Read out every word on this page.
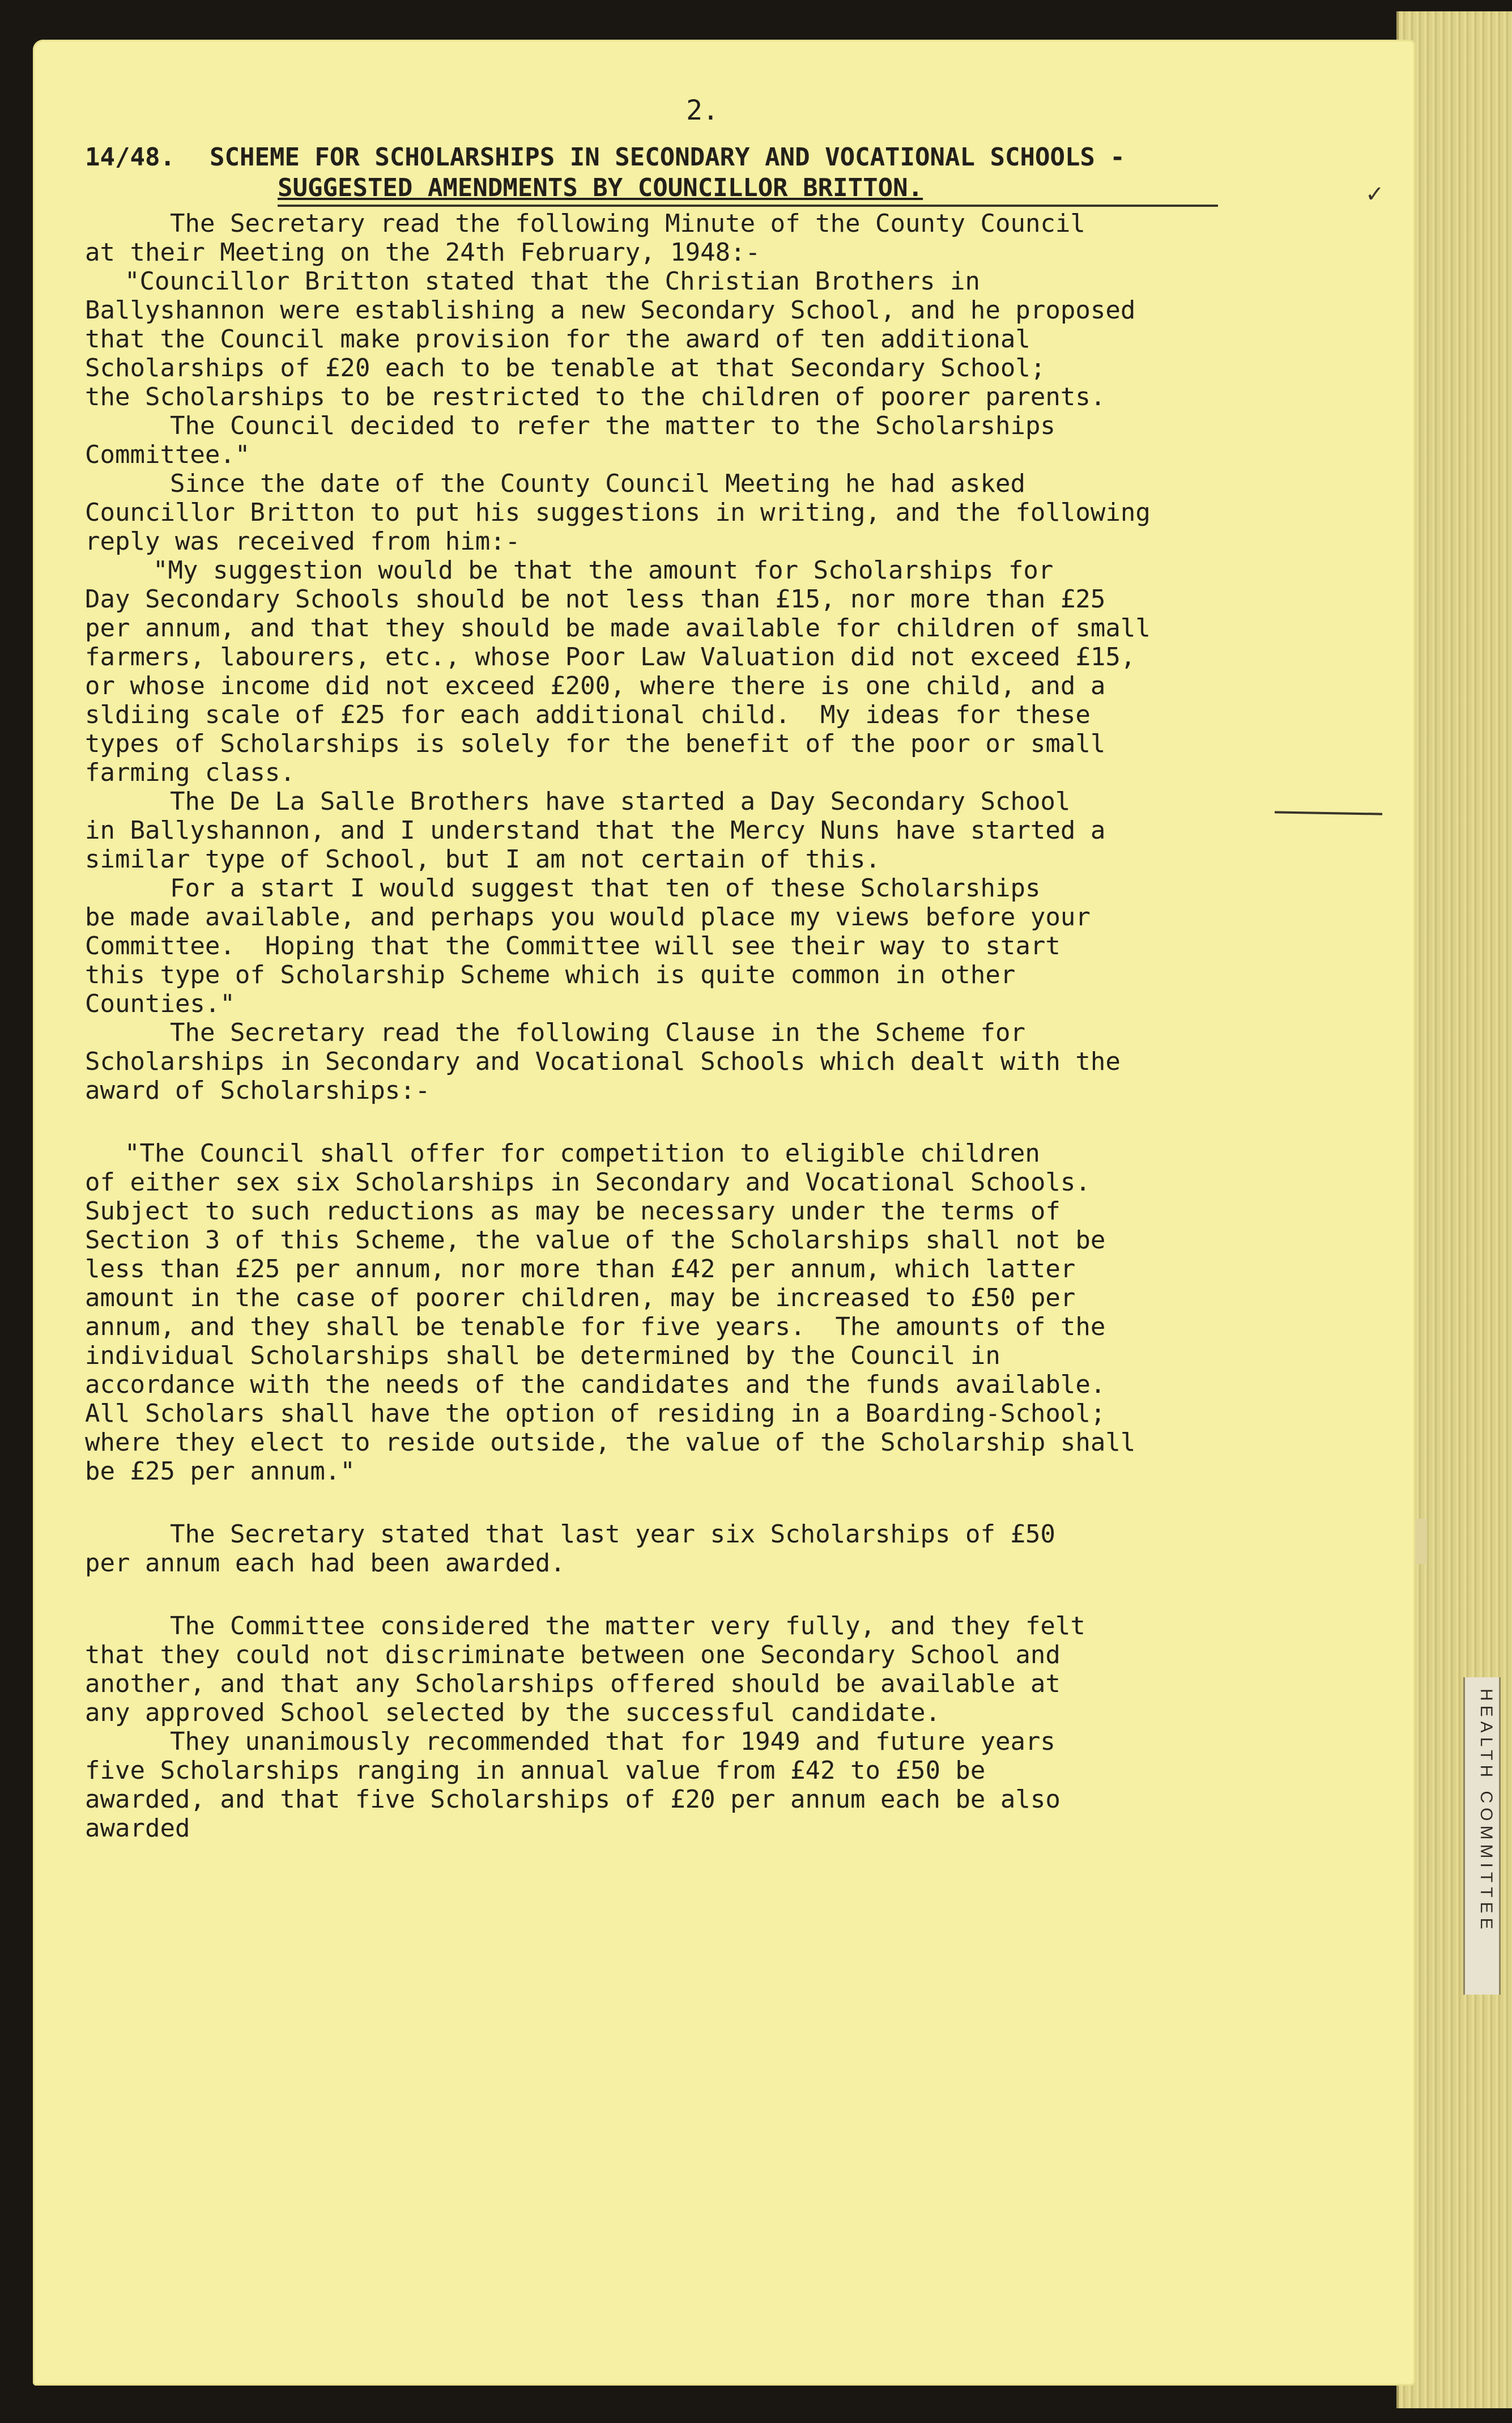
HEALTH COMMITTEE
✓
2.
14/48.	SCHEME FOR SCHOLARSHIPS IN SECONDARY AND VOCATIONAL SCHOOLS -
SUGGESTED AMENDMENTS BY COUNCILLOR BRITTON.
The Secretary read the following Minute of the County Council
at their Meeting on the 24th February, 1948:-
"Councillor Britton stated that the Christian Brothers in
Ballyshannon were establishing a new Secondary School, and he proposed
that the Council make provision for the award of ten additional
Scholarships of £20 each to be tenable at that Secondary School;
the Scholarships to be restricted to the children of poorer parents.
The Council decided to refer the matter to the Scholarships
Committee."
Since the date of the County Council Meeting he had asked
Councillor Britton to put his suggestions in writing, and the following
reply was received from him:-
"My suggestion would be that the amount for Scholarships for
Day Secondary Schools should be not less than £15, nor more than £25
per annum, and that they should be made available for children of small
farmers, labourers, etc., whose Poor Law Valuation did not exceed £15,
or whose income did not exceed £200, where there is one child, and a
sldiing scale of £25 for each additional child.  My ideas for these
types of Scholarships is solely for the benefit of the poor or small
farming class.
The De La Salle Brothers have started a Day Secondary School
in Ballyshannon, and I understand that the Mercy Nuns have started a
similar type of School, but I am not certain of this.
For a start I would suggest that ten of these Scholarships
be made available, and perhaps you would place my views before your
Committee.  Hoping that the Committee will see their way to start
this type of Scholarship Scheme which is quite common in other
Counties."
The Secretary read the following Clause in the Scheme for
Scholarships in Secondary and Vocational Schools which dealt with the
award of Scholarships:-
"The Council shall offer for competition to eligible children
of either sex six Scholarships in Secondary and Vocational Schools.
Subject to such reductions as may be necessary under the terms of
Section 3 of this Scheme, the value of the Scholarships shall not be
less than £25 per annum, nor more than £42 per annum, which latter
amount in the case of poorer children, may be increased to £50 per
annum, and they shall be tenable for five years.  The amounts of the
individual Scholarships shall be determined by the Council in
accordance with the needs of the candidates and the funds available.
All Scholars shall have the option of residing in a Boarding-School;
where they elect to reside outside, the value of the Scholarship shall
be £25 per annum."
The Secretary stated that last year six Scholarships of £50
per annum each had been awarded.
The Committee considered the matter very fully, and they felt
that they could not discriminate between one Secondary School and
another, and that any Scholarships offered should be available at
any approved School selected by the successful candidate.
They unanimously recommended that for 1949 and future years
five Scholarships ranging in annual value from £42 to £50 be
awarded, and that five Scholarships of £20 per annum each be also
awarded
